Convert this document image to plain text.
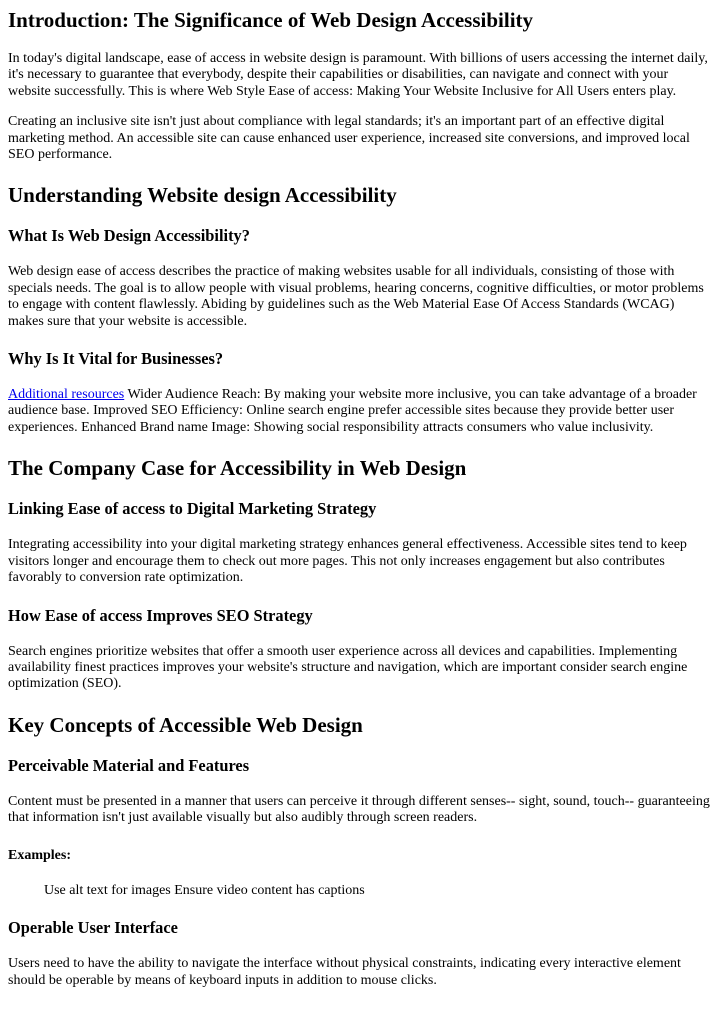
Introduction: The Significance of Web Design Accessibility

In today's digital landscape, ease of access in website design is paramount. With billions of users accessing the internet daily, it's necessary to guarantee that everybody, despite their capabilities or disabilities, can navigate and connect with your website successfully. This is where Web Style Ease of access: Making Your Website Inclusive for All Users enters play.

Creating an inclusive site isn't just about compliance with legal standards; it's an important part of an effective digital marketing method. An accessible site can cause enhanced user experience, increased site conversions, and improved local SEO performance.

Understanding Website design Accessibility
What Is Web Design Accessibility?

Web design ease of access describes the practice of making websites usable for all individuals, consisting of those with specials needs. The goal is to allow people with visual problems, hearing concerns, cognitive difficulties, or motor problems to engage with content flawlessly. Abiding by guidelines such as the Web Material Ease Of Access Standards (WCAG) makes sure that your website is accessible.

Why Is It Vital for Businesses?

Additional resources Wider Audience Reach: By making your website more inclusive, you can take advantage of a broader audience base. Improved SEO Efficiency: Online search engine prefer accessible sites because they provide better user experiences. Enhanced Brand name Image: Showing social responsibility attracts consumers who value inclusivity.

The Company Case for Accessibility in Web Design
Linking Ease of access to Digital Marketing Strategy

Integrating accessibility into your digital marketing strategy enhances general effectiveness. Accessible sites tend to keep visitors longer and encourage them to check out more pages. This not only increases engagement but also contributes favorably to conversion rate optimization.

How Ease of access Improves SEO Strategy

Search engines prioritize websites that offer a smooth user experience across all devices and capabilities. Implementing availability finest practices improves your website's structure and navigation, which are important consider search engine optimization (SEO).

Key Concepts of Accessible Web Design
Perceivable Material and Features

Content must be presented in a manner that users can perceive it through different senses-- sight, sound, touch-- guaranteeing that information isn't just available visually but also audibly through screen readers.

Examples:
Use alt text for images Ensure video content has captions
Operable User Interface

Users need to have the ability to navigate the interface without physical constraints, indicating every interactive element should be operable by means of keyboard inputs in addition to mouse clicks.
